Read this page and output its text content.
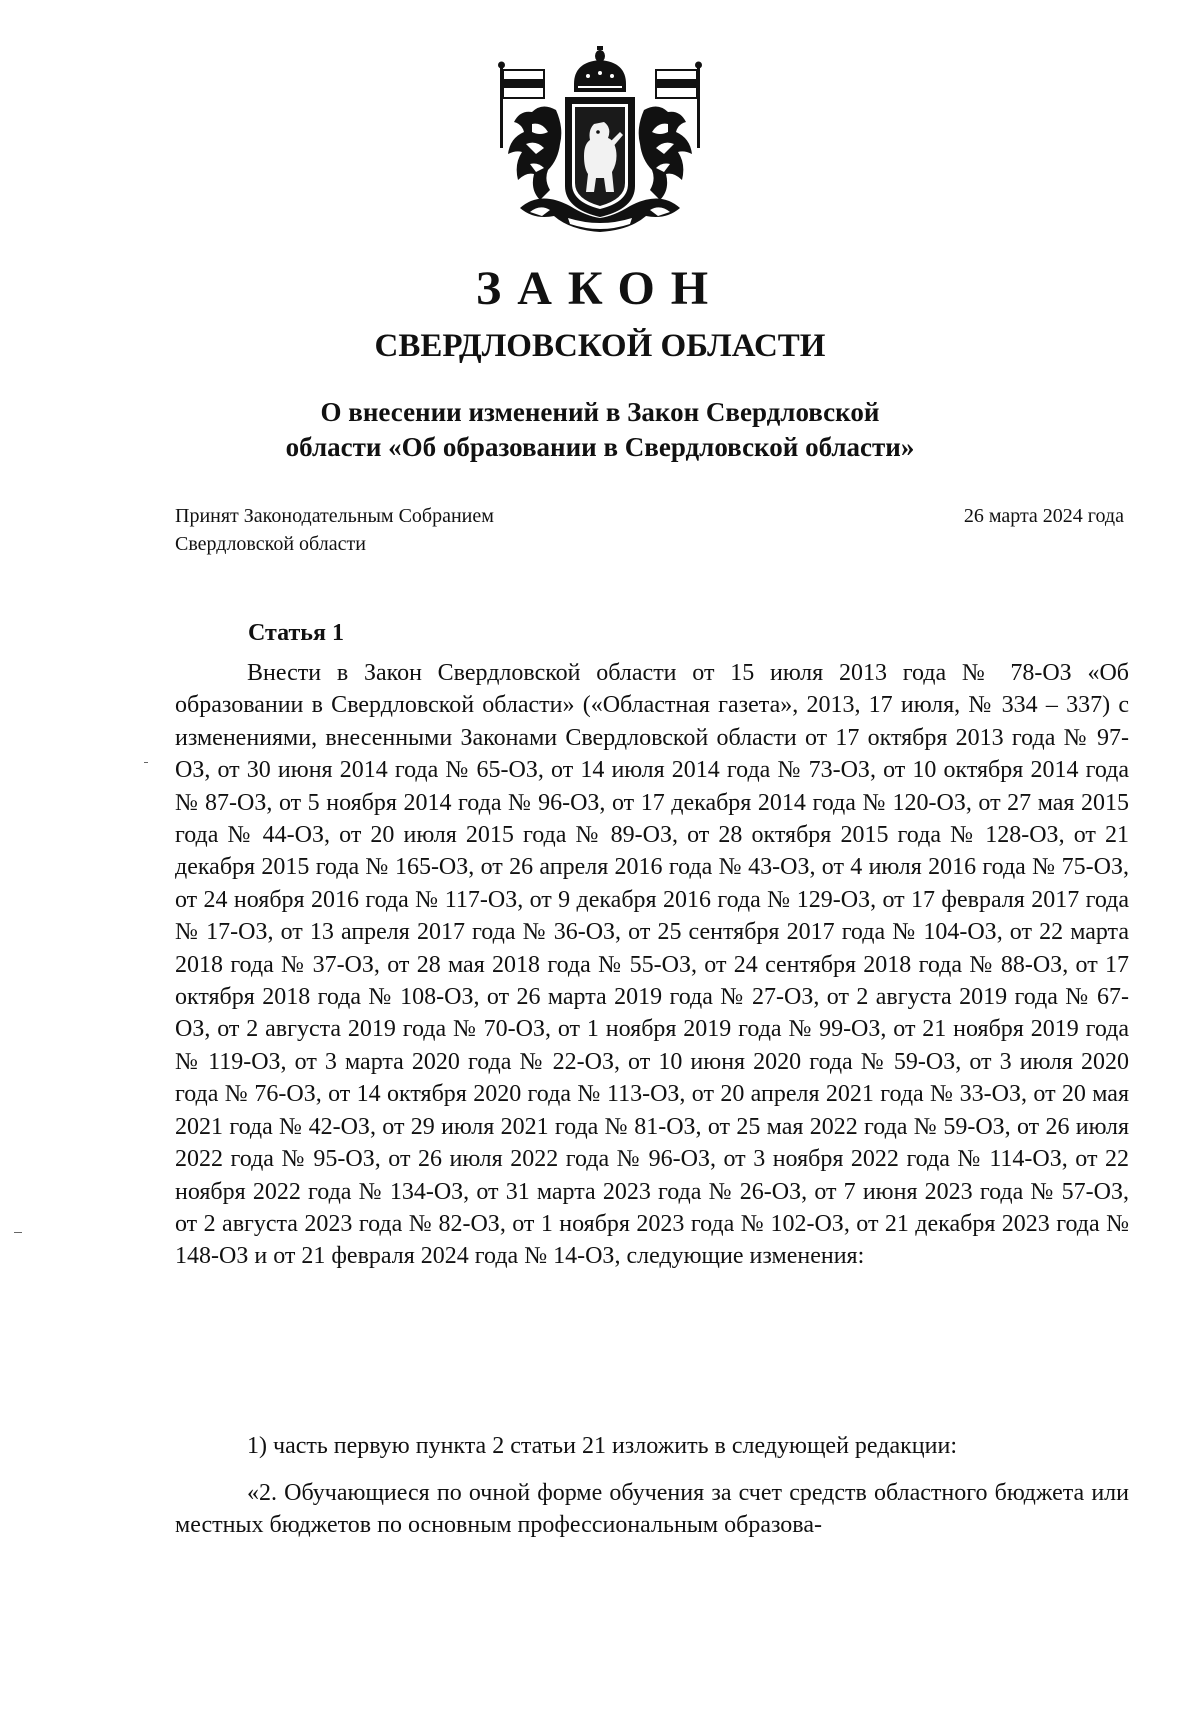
ЗАКОН
СВЕРДЛОВСКОЙ ОБЛАСТИ
О внесении изменений в Закон Свердловской
области «Об образовании в Свердловской области»
Принят Законодательным Собранием
Свердловской области
26 марта 2024 года
Статья 1

Внести в Закон Свердловской области от 15 июля 2013 года № 78-ОЗ «Об образовании в Свердловской области» («Областная газета», 2013, 17 июля, № 334 – 337) с изменениями, внесенными Законами Свердловской области от 17 октября 2013 года № 97-ОЗ, от 30 июня 2014 года № 65-ОЗ, от 14 июля 2014 года № 73-ОЗ, от 10 октября 2014 года № 87-ОЗ, от 5 ноября 2014 года № 96-ОЗ, от 17 декабря 2014 года № 120-ОЗ, от 27 мая 2015 года № 44-ОЗ, от 20 июля 2015 года № 89-ОЗ, от 28 октября 2015 года № 128-ОЗ, от 21 декабря 2015 года № 165-ОЗ, от 26 апреля 2016 года № 43-ОЗ, от 4 июля 2016 года № 75-ОЗ, от 24 ноября 2016 года № 117-ОЗ, от 9 декабря 2016 года № 129-ОЗ, от 17 февраля 2017 года № 17-ОЗ, от 13 апреля 2017 года № 36-ОЗ, от 25 сентября 2017 года № 104-ОЗ, от 22 марта 2018 года № 37-ОЗ, от 28 мая 2018 года № 55-ОЗ, от 24 сентября 2018 года № 88-ОЗ, от 17 октября 2018 года № 108-ОЗ, от 26 марта 2019 года № 27-ОЗ, от 2 августа 2019 года № 67-ОЗ, от 2 августа 2019 года № 70-ОЗ, от 1 ноября 2019 года № 99-ОЗ, от 21 ноября 2019 года № 119-ОЗ, от 3 марта 2020 года № 22-ОЗ, от 10 июня 2020 года № 59-ОЗ, от 3 июля 2020 года № 76-ОЗ, от 14 октября 2020 года № 113-ОЗ, от 20 апреля 2021 года № 33-ОЗ, от 20 мая 2021 года № 42-ОЗ, от 29 июля 2021 года № 81-ОЗ, от 25 мая 2022 года № 59-ОЗ, от 26 июля 2022 года № 95-ОЗ, от 26 июля 2022 года № 96-ОЗ, от 3 ноября 2022 года № 114-ОЗ, от 22 ноября 2022 года № 134-ОЗ, от 31 марта 2023 года № 26-ОЗ, от 7 июня 2023 года № 57-ОЗ, от 2 августа 2023 года № 82-ОЗ, от 1 ноября 2023 года № 102-ОЗ, от 21 декабря 2023 года № 148-ОЗ и от 21 февраля 2024 года № 14-ОЗ, следующие изменения:

1) часть первую пункта 2 статьи 21 изложить в следующей редакции:

«2. Обучающиеся по очной форме обучения за счет средств областного бюджета или местных бюджетов по основным профессиональным образова-
